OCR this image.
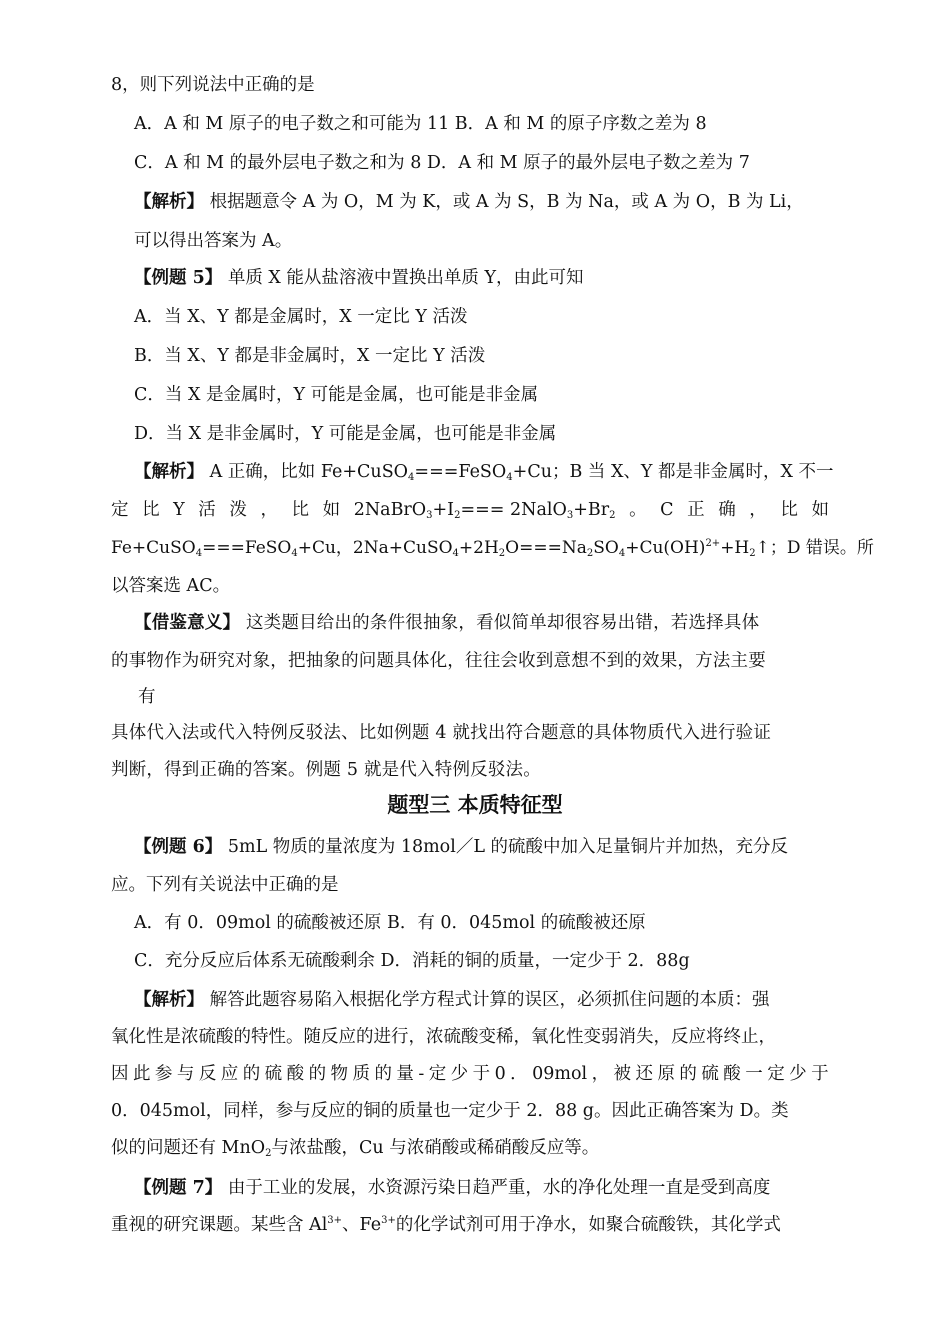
8，则下列说法中正确的是
A．A 和 M 原子的电子数之和可能为 11 B．A 和 M 的原子序数之差为 8
C．A 和 M 的最外层电子数之和为 8 D．A 和 M 原子的最外层电子数之差为 7
【解析】 根据题意令 A 为 O，M 为 K，或 A 为 S，B 为 Na，或 A 为 O，B 为 Li，
可以得出答案为 A。
【例题 5】 单质 X 能从盐溶液中置换出单质 Y，由此可知
A．当 X、Y 都是金属时，X 一定比 Y 活泼
B．当 X、Y 都是非金属时，X 一定比 Y 活泼
C．当 X 是金属时，Y 可能是金属，也可能是非金属
D．当 X 是非金属时，Y 可能是金属，也可能是非金属
【解析】 A 正确，比如 Fe+CuSO$_4$===FeSO$_4$+Cu；B 当 X、Y 都是非金属时，X 不一
定 比 Y 活 泼 ， 比 如 $2NaBrO_3+I_2===$ $2NalO_3+Br_2$ 。 C 正 确 ， 比 如
Fe+CuSO$_4$===FeSO$_4$+Cu，$2Na+CuSO_4+2H_2O===Na_2SO_4+Cu(OH)^{2+}+H_2↑$；D 错误。所
以答案选 AC。
【借鉴意义】 这类题目给出的条件很抽象，看似简单却很容易出错，若选择具体
的事物作为研究对象，把抽象的问题具体化，往往会收到意想不到的效果，方法主要
有
具体代入法或代入特例反驳法、比如例题 4 就找出符合题意的具体物质代入进行验证
判断，得到正确的答案。例题 5 就是代入特例反驳法。
题型三 本质特征型
【例题 6】 5mL 物质的量浓度为 18mol／L 的硫酸中加入足量铜片并加热，充分反
应。下列有关说法中正确的是
A．有 0．09mol 的硫酸被还原 B．有 0．045mol 的硫酸被还原
C．充分反应后体系无硫酸剩余 D．消耗的铜的质量，一定少于 2．88g
【解析】 解答此题容易陷入根据化学方程式计算的误区，必须抓住问题的本质：强
氧化性是浓硫酸的特性。随反应的进行，浓硫酸变稀，氧化性变弱消失，反应将终止，
因 此 参 与 反 应 的 硫 酸 的 物 质 的 量 - 定 少 于 0 ． 09mol ， 被 还 原 的 硫 酸 一 定 少 于
0．045mol，同样，参与反应的铜的质量也一定少于 2．88 g。因此正确答案为 D。类
似的问题还有 MnO$_2$与浓盐酸，Cu 与浓硝酸或稀硝酸反应等。
【例题 7】 由于工业的发展，水资源污染日趋严重，水的净化处理一直是受到高度
重视的研究课题。某些含 $Al^{3+}$、$Fe^{3+}$的化学试剂可用于净水，如聚合硫酸铁，其化学式
